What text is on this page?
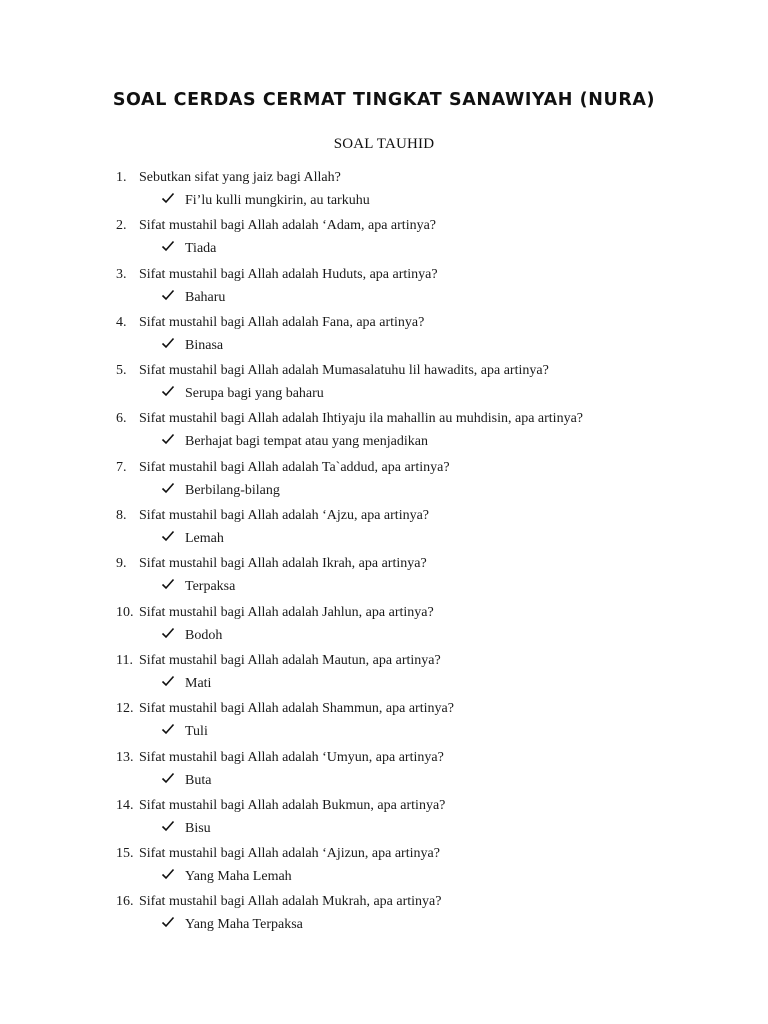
SOAL CERDAS CERMAT TINGKAT SANAWIYAH (NURA)
SOAL TAUHID
1. Sebutkan sifat yang jaiz bagi Allah?
Fi’lu kulli mungkirin, au tarkuhu
2. Sifat mustahil bagi Allah adalah ‘Adam, apa artinya?
Tiada
3. Sifat mustahil bagi Allah adalah Huduts, apa artinya?
Baharu
4. Sifat mustahil bagi Allah adalah Fana, apa artinya?
Binasa
5. Sifat mustahil bagi Allah adalah Mumasalatuhu lil hawadits, apa artinya?
Serupa bagi yang baharu
6. Sifat mustahil bagi Allah adalah Ihtiyaju ila mahallin au muhdisin, apa artinya?
Berhajat bagi tempat atau yang menjadikan
7. Sifat mustahil bagi Allah adalah Ta`addud, apa artinya?
Berbilang-bilang
8. Sifat mustahil bagi Allah adalah ‘Ajzu, apa artinya?
Lemah
9. Sifat mustahil bagi Allah adalah Ikrah, apa artinya?
Terpaksa
10. Sifat mustahil bagi Allah adalah Jahlun, apa artinya?
Bodoh
11. Sifat mustahil bagi Allah adalah Mautun, apa artinya?
Mati
12. Sifat mustahil bagi Allah adalah Shammun, apa artinya?
Tuli
13. Sifat mustahil bagi Allah adalah ‘Umyun, apa artinya?
Buta
14. Sifat mustahil bagi Allah adalah Bukmun, apa artinya?
Bisu
15. Sifat mustahil bagi Allah adalah ‘Ajizun, apa artinya?
Yang Maha Lemah
16. Sifat mustahil bagi Allah adalah Mukrah, apa artinya?
Yang Maha Terpaksa
